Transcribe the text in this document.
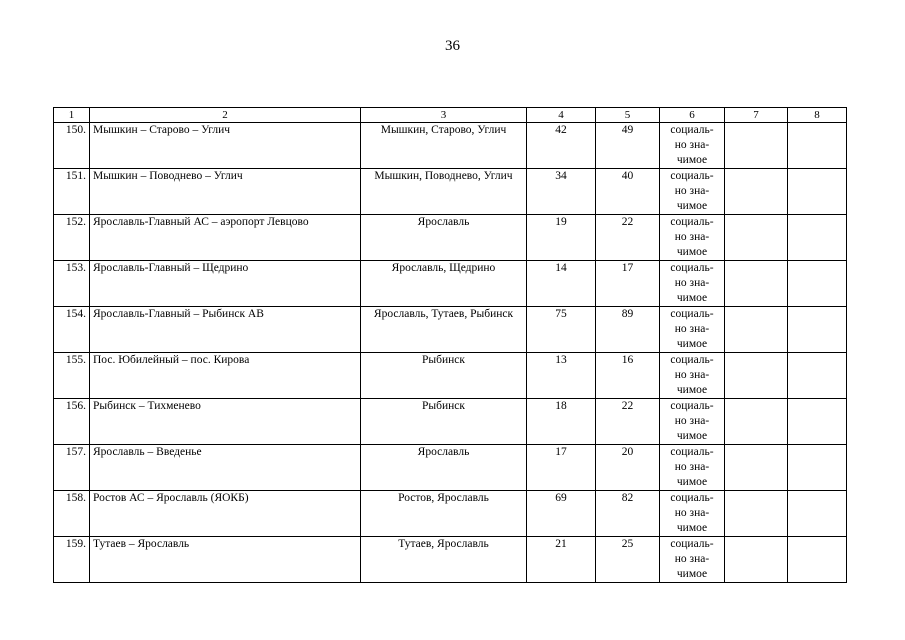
36
1	2	3	4	5	6	7	8
150.	Мышкин – Старово – Углич	Мышкин, Старово, Углич	42	49	социаль-
но зна-
чимое		

151.	Мышкин – Поводнево – Углич	Мышкин, Поводнево, Углич	34	40	социаль-
но зна-
чимое		

152.	Ярославль-Главный АС – аэропорт Левцово	Ярославль	19	22	социаль-
но зна-
чимое		

153.	Ярославль-Главный – Щедрино	Ярославль, Щедрино	14	17	социаль-
но зна-
чимое		

154.	Ярославль-Главный – Рыбинск АВ	Ярославль, Тутаев, Рыбинск	75	89	социаль-
но зна-
чимое		

155.	Пос. Юбилейный – пос. Кирова	Рыбинск	13	16	социаль-
но зна-
чимое		

156.	Рыбинск – Тихменево	Рыбинск	18	22	социаль-
но зна-
чимое		

157.	Ярославль – Введенье	Ярославль	17	20	социаль-
но зна-
чимое		

158.	Ростов АС – Ярославль (ЯОКБ)	Ростов, Ярославль	69	82	социаль-
но зна-
чимое		

159.	Тутаев – Ярославль	Тутаев, Ярославль	21	25	социаль-
но зна-
чимое		
